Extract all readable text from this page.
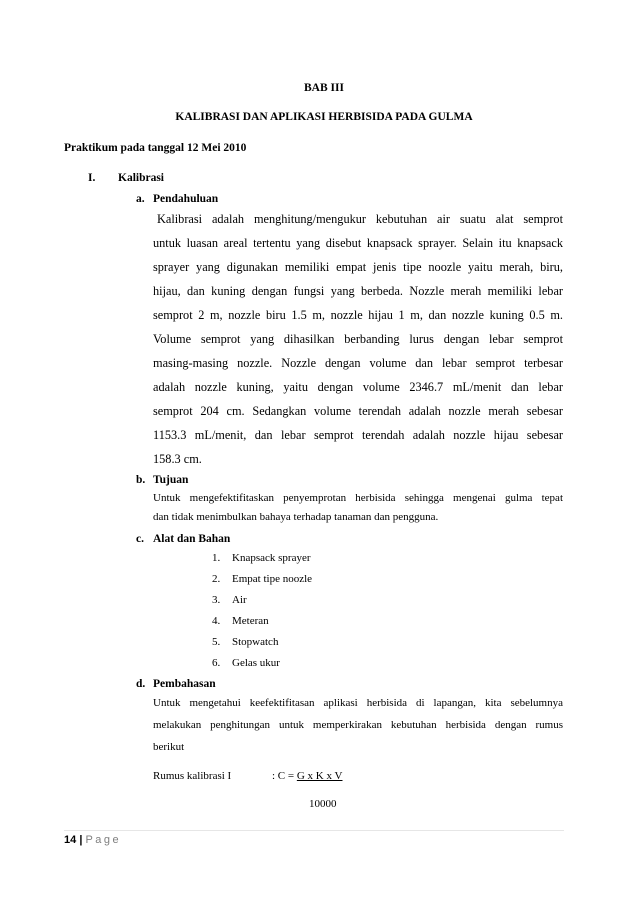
BAB III
KALIBRASI DAN APLIKASI HERBISIDA PADA GULMA
Praktikum pada tanggal 12 Mei 2010
I. Kalibrasi
a. Pendahuluan
Kalibrasi adalah menghitung/mengukur kebutuhan air suatu alat semprot
untuk luasan areal tertentu yang disebut knapsack sprayer. Selain itu knapsack
sprayer yang digunakan memiliki empat jenis tipe noozle yaitu merah, biru,
hijau, dan kuning dengan fungsi yang berbeda. Nozzle merah memiliki lebar
semprot 2 m, nozzle biru 1.5 m, nozzle hijau 1 m, dan nozzle kuning 0.5 m.
Volume semprot yang dihasilkan berbanding lurus dengan lebar semprot
masing-masing nozzle. Nozzle dengan volume dan lebar semprot terbesar
adalah nozzle kuning, yaitu dengan volume 2346.7 mL/menit dan lebar
semprot 204 cm. Sedangkan volume terendah adalah nozzle merah sebesar
1153.3 mL/menit, dan lebar semprot terendah adalah nozzle hijau sebesar
158.3 cm.
b. Tujuan
Untuk mengefektifitaskan penyemprotan herbisida sehingga mengenai gulma tepat
dan tidak menimbulkan bahaya terhadap tanaman dan pengguna.
c. Alat dan Bahan
1. Knapsack sprayer
2. Empat tipe noozle
3. Air
4. Meteran
5. Stopwatch
6. Gelas ukur
d. Pembahasan
Untuk mengetahui keefektifitasan aplikasi herbisida di lapangan, kita sebelumnya
melakukan penghitungan untuk memperkirakan kebutuhan herbisida dengan rumus
berikut
Rumus kalibrasi I	: C = G x K x V
10000
14 | Page
